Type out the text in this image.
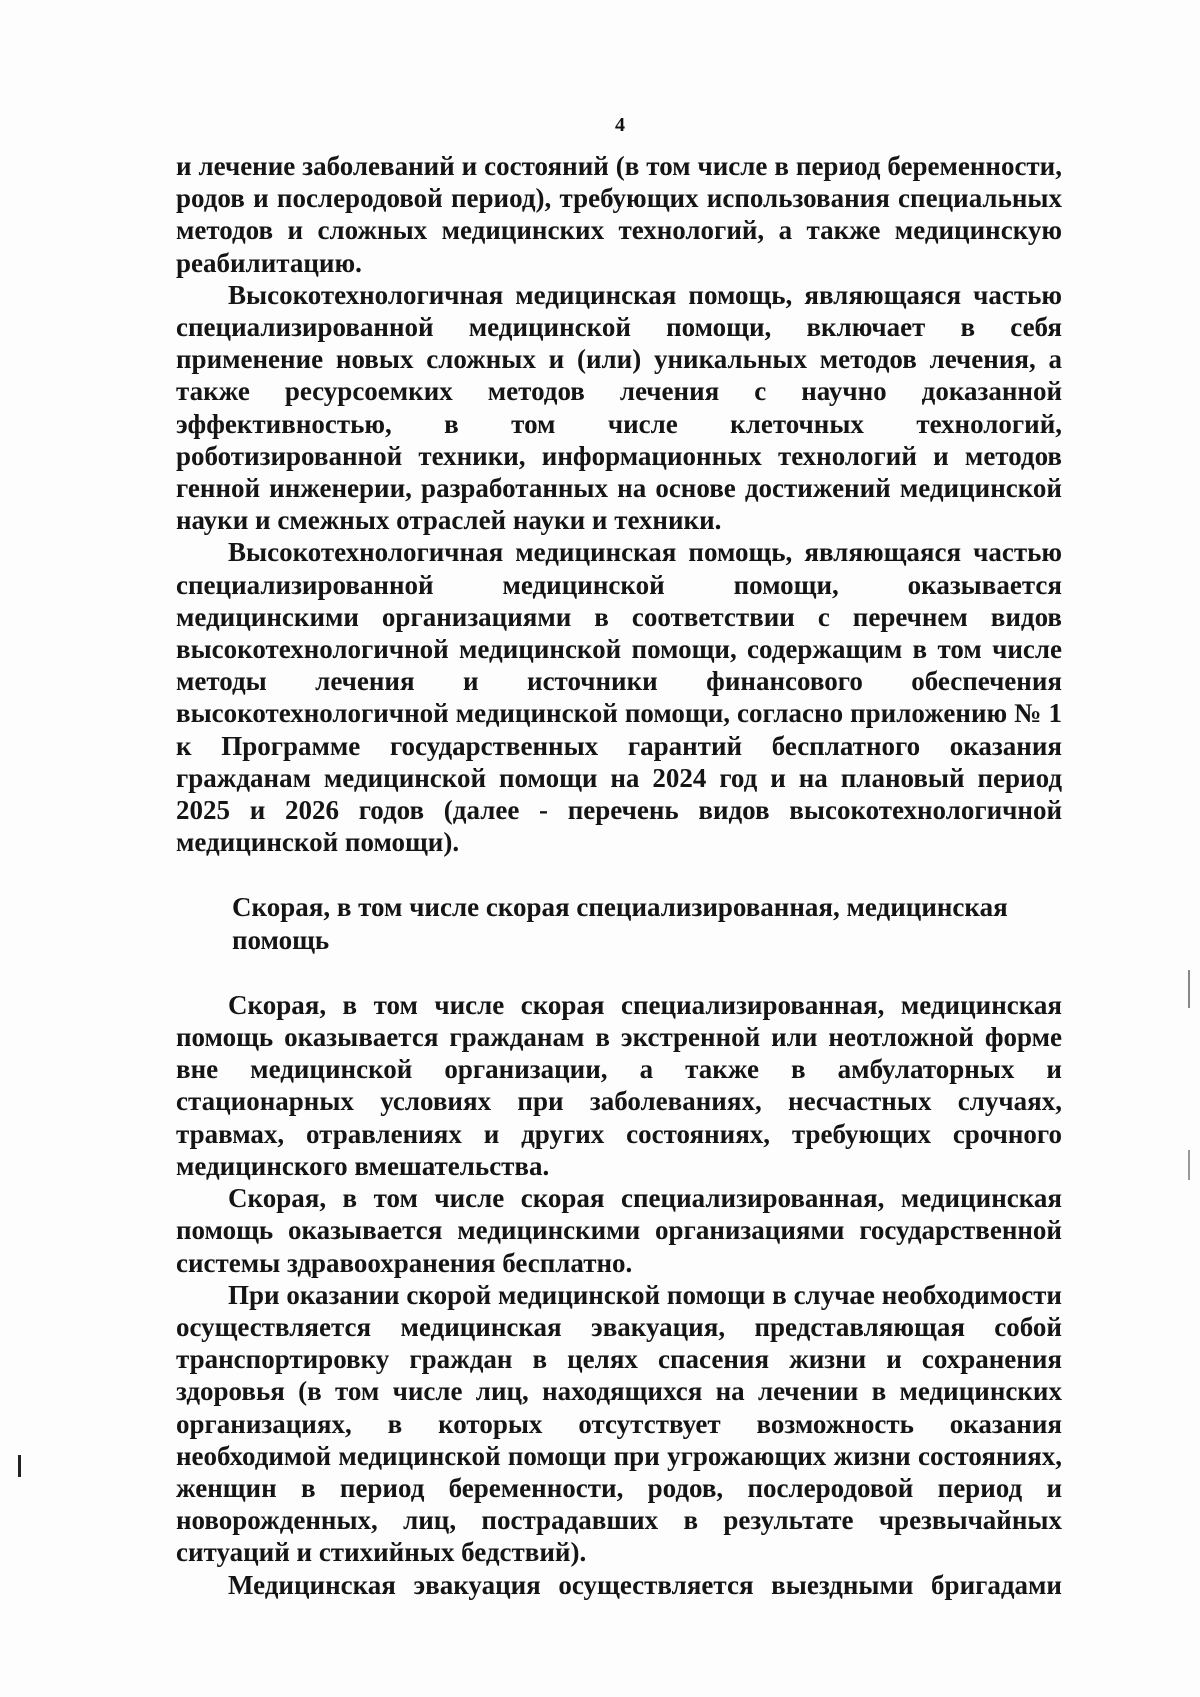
4

и лечение заболеваний и состояний (в том числе в период беременности, родов и послеродовой период), требующих использования специальных методов и сложных медицинских технологий, а также медицинскую реабилитацию.

Высокотехнологичная медицинская помощь, являющаяся частью специализированной медицинской помощи, включает в себя применение новых сложных и (или) уникальных методов лечения, а также ресурсоемких методов лечения с научно доказанной эффективностью, в том числе клеточных технологий, роботизированной техники, информационных технологий и методов генной инженерии, разработанных на основе достижений медицинской науки и смежных отраслей науки и техники.

Высокотехнологичная медицинская помощь, являющаяся частью специализированной медицинской помощи, оказывается медицинскими организациями в соответствии с перечнем видов высокотехнологичной медицинской помощи, содержащим в том числе методы лечения и источники финансового обеспечения высокотехнологичной медицинской помощи, согласно приложению № 1 к Программе государственных гарантий бесплатного оказания гражданам медицинской помощи на 2024 год и на плановый период 2025 и 2026 годов (далее - перечень видов высокотехнологичной медицинской помощи).

Скорая, в том числе скорая специализированная, медицинская

помощь

Скорая, в том числе скорая специализированная, медицинская помощь оказывается гражданам в экстренной или неотложной форме вне медицинской организации, а также в амбулаторных и стационарных условиях при заболеваниях, несчастных случаях, травмах, отравлениях и других состояниях, требующих срочного медицинского вмешательства.

Скорая, в том числе скорая специализированная, медицинская помощь оказывается медицинскими организациями государственной системы здравоохранения бесплатно.

При оказании скорой медицинской помощи в случае необходимости осуществляется медицинская эвакуация, представляющая собой транспортировку граждан в целях спасения жизни и сохранения здоровья (в том числе лиц, находящихся на лечении в медицинских организациях, в которых отсутствует возможность оказания необходимой медицинской помощи при угрожающих жизни состояниях, женщин в период беременности, родов, послеродовой период и новорожденных, лиц, пострадавших в результате чрезвычайных ситуаций и стихийных бедствий).

Медицинская эвакуация осуществляется выездными бригадами
